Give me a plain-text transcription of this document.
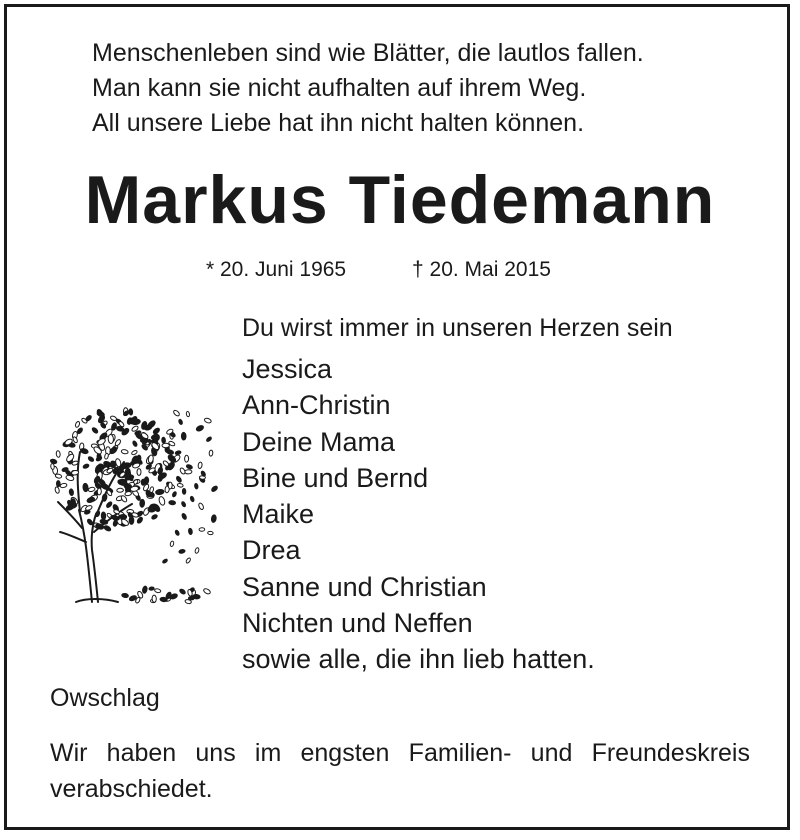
Menschenleben sind wie Blätter, die lautlos fallen.
Man kann sie nicht aufhalten auf ihrem Weg.
All unsere Liebe hat ihn nicht halten können.
Markus Tiedemann
* 20. Juni 1965	† 20. Mai 2015
Du wirst immer in unseren Herzen sein
Jessica
Ann-Christin
Deine Mama
Bine und Bernd
Maike
Drea
Sanne und Christian
Nichten und Neffen
sowie alle, die ihn lieb hatten.
Owschlag
Wir haben uns im engsten Familien- und Freundeskreis verabschiedet.
